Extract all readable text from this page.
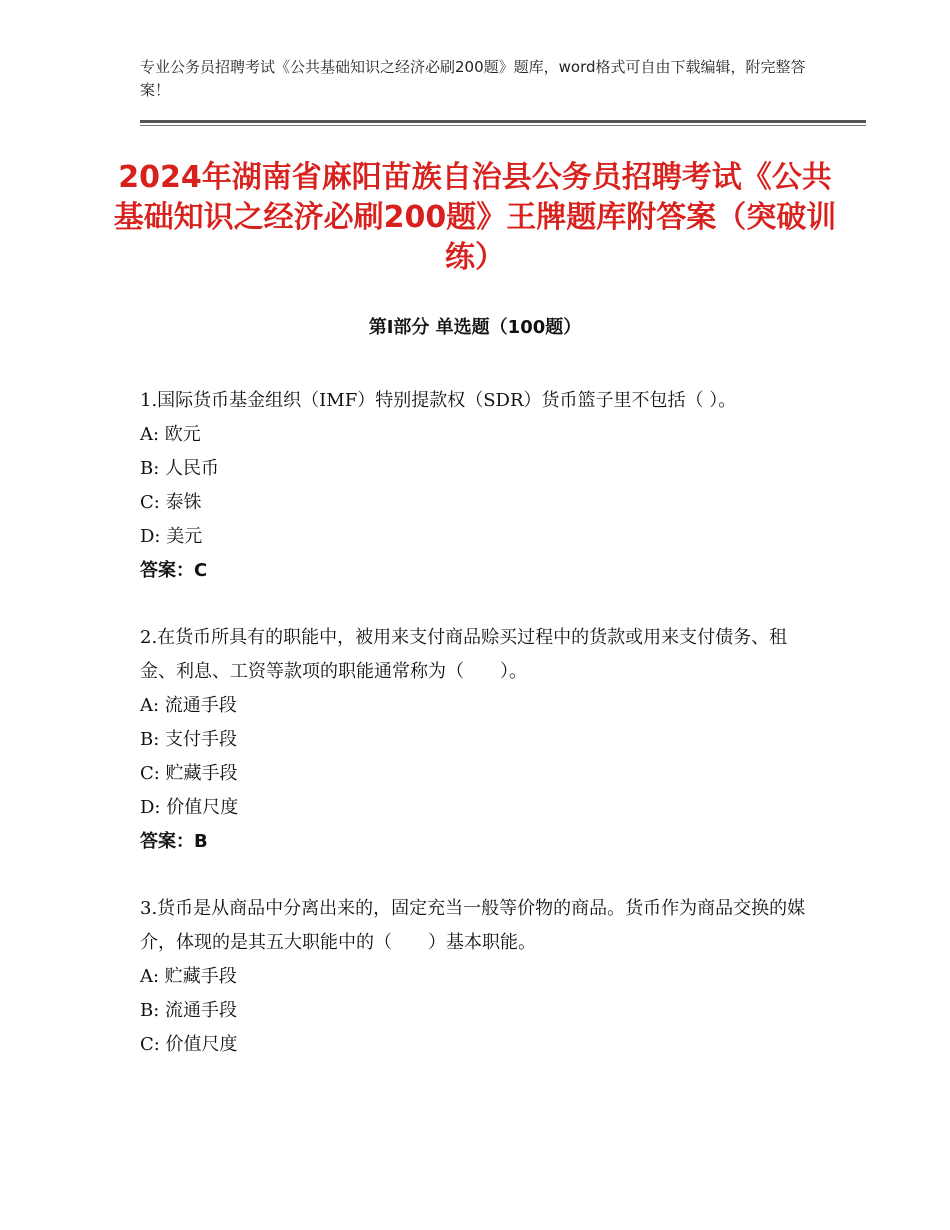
专业公务员招聘考试《公共基础知识之经济必刷200题》题库，word格式可自由下载编辑，附完整答案！
2024年湖南省麻阳苗族自治县公务员招聘考试《公共基础知识之经济必刷200题》王牌题库附答案（突破训练）
第Ⅰ部分 单选题（100题）
1.国际货币基金组织（IMF）特别提款权（SDR）货币篮子里不包括（ ）。
A: 欧元
B: 人民币
C: 泰铢
D: 美元
答案：C
2.在货币所具有的职能中，被用来支付商品赊买过程中的货款或用来支付债务、租金、利息、工资等款项的职能通常称为（　　）。
A: 流通手段
B: 支付手段
C: 贮藏手段
D: 价值尺度
答案：B
3.货币是从商品中分离出来的，固定充当一般等价物的商品。货币作为商品交换的媒介，体现的是其五大职能中的（　　）基本职能。
A: 贮藏手段
B: 流通手段
C: 价值尺度
